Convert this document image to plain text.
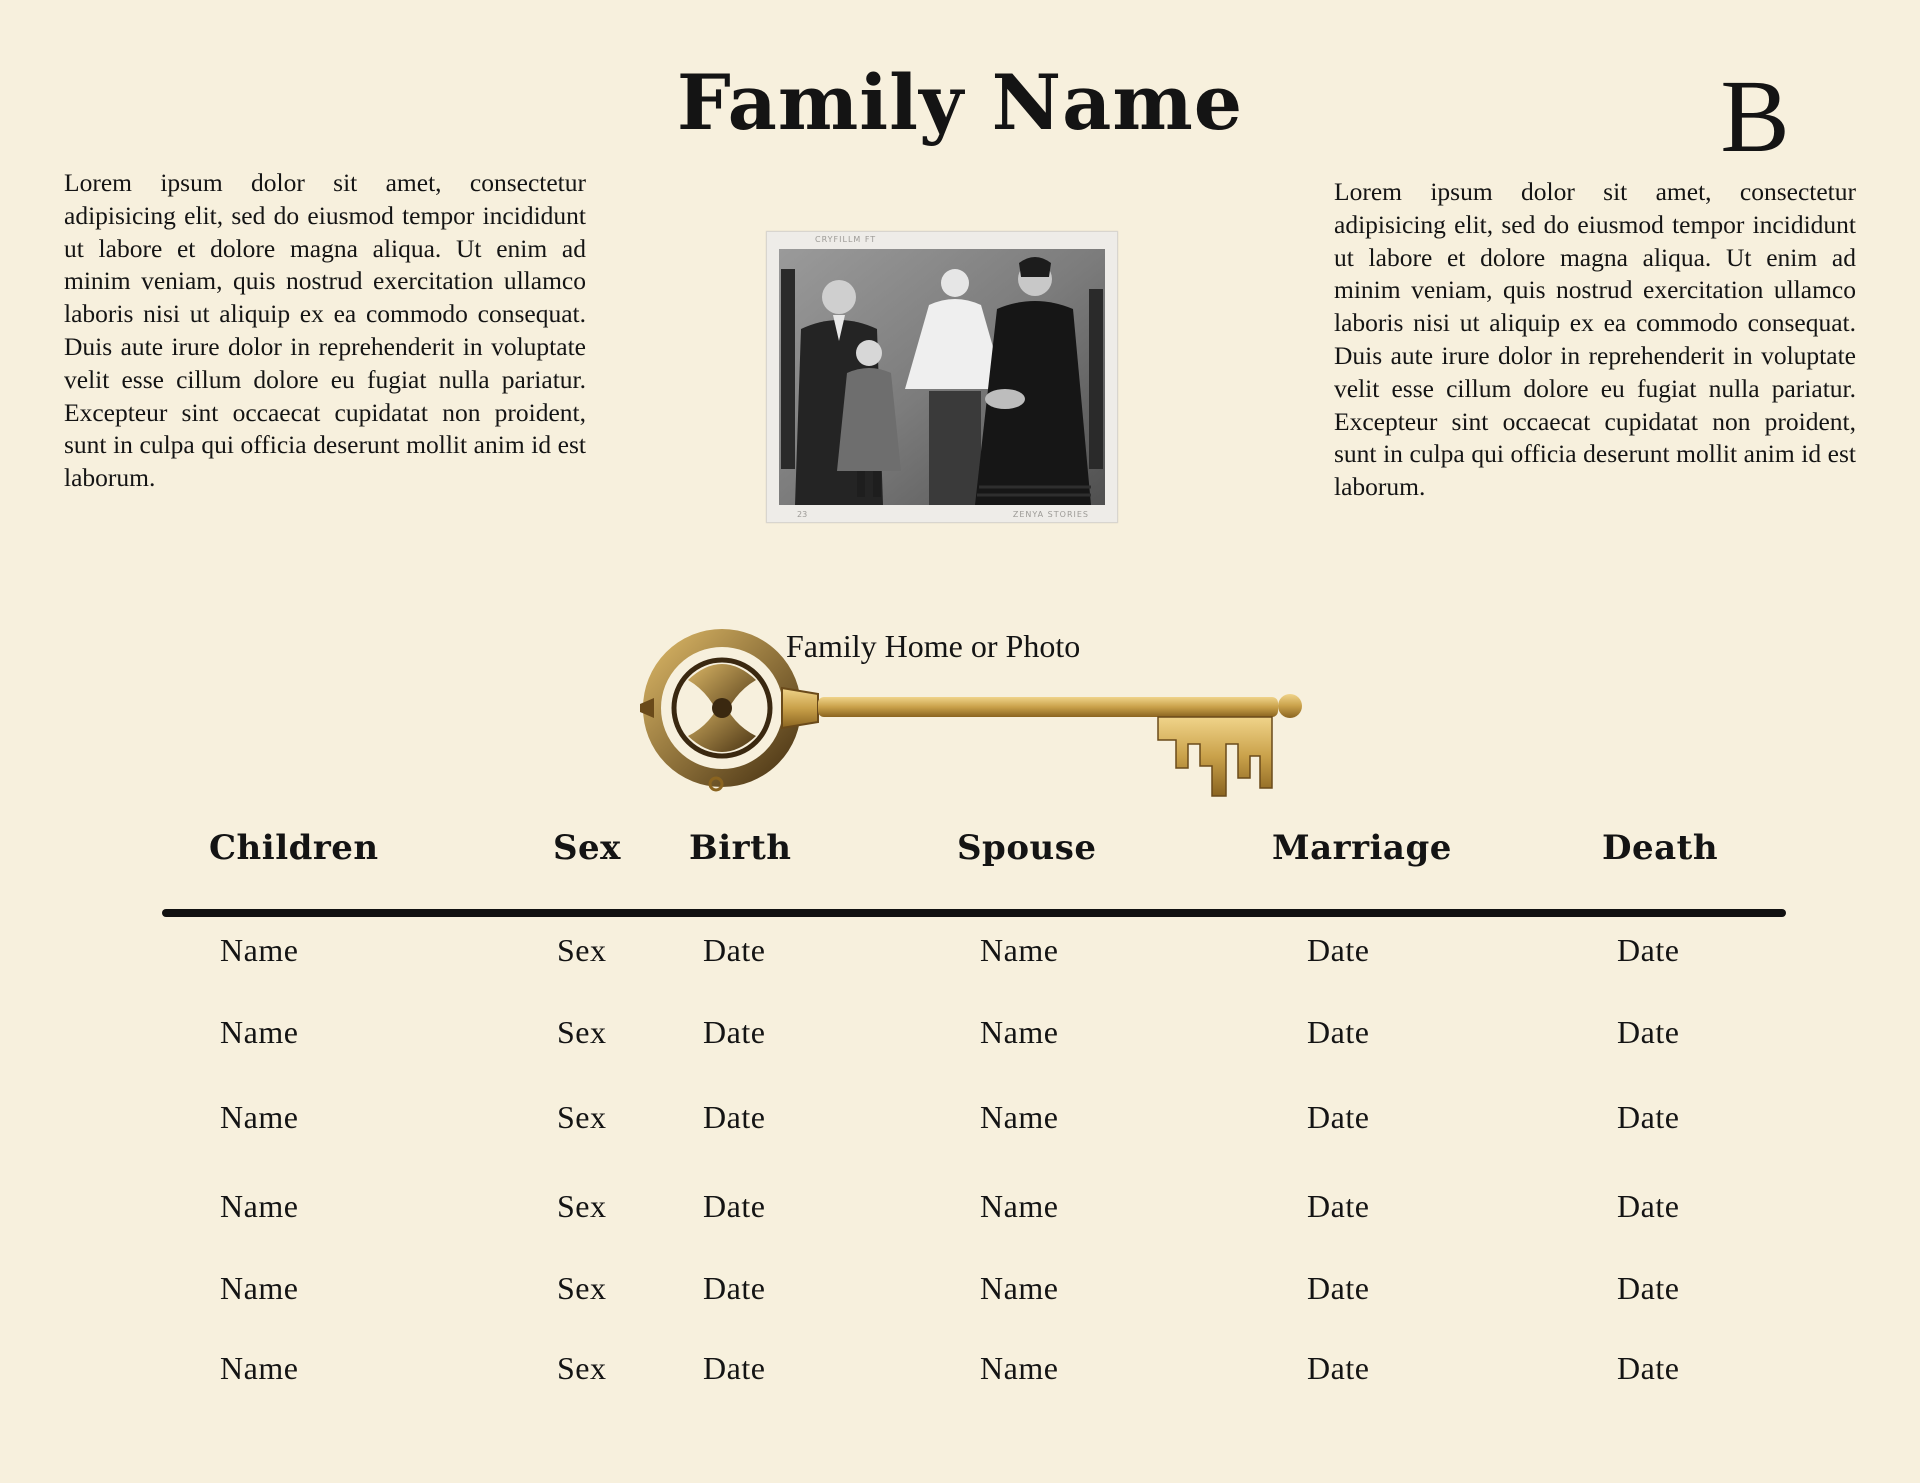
Family Name	B
Lorem ipsum dolor sit amet, consectetur adipisicing elit, sed do eiusmod tempor incididunt ut labore et dolore magna aliqua. Ut enim ad minim veniam, quis nostrud exercitation ullamco laboris nisi ut aliquip ex ea commodo consequat. Duis aute irure dolor in reprehenderit in voluptate velit esse cillum dolore eu fugiat nulla pariatur. Excepteur sint occaecat cupidatat non proident, sunt in culpa qui officia deserunt mollit anim id est laborum.
Lorem ipsum dolor sit amet, consectetur adipisicing elit, sed do eiusmod tempor incididunt ut labore et dolore magna aliqua. Ut enim ad minim veniam, quis nostrud exercitation ullamco laboris nisi ut aliquip ex ea commodo consequat. Duis aute irure dolor in reprehenderit in voluptate velit esse cillum dolore eu fugiat nulla pariatur. Excepteur sint occaecat cupidatat non proident, sunt in culpa qui officia deserunt mollit anim id est laborum.
CRYFILLM FT
23	ZENYA STORIES
Family Home or Photo
Children	Sex Birth	Spouse	Marriage	Death
Name	Sex	Date	Name	Date	Date
Name	Sex	Date	Name	Date	Date
Name	Sex	Date	Name	Date	Date
Name	Sex	Date	Name	Date	Date
Name	Sex	Date	Name	Date	Date
Name	Sex	Date	Name	Date	Date
